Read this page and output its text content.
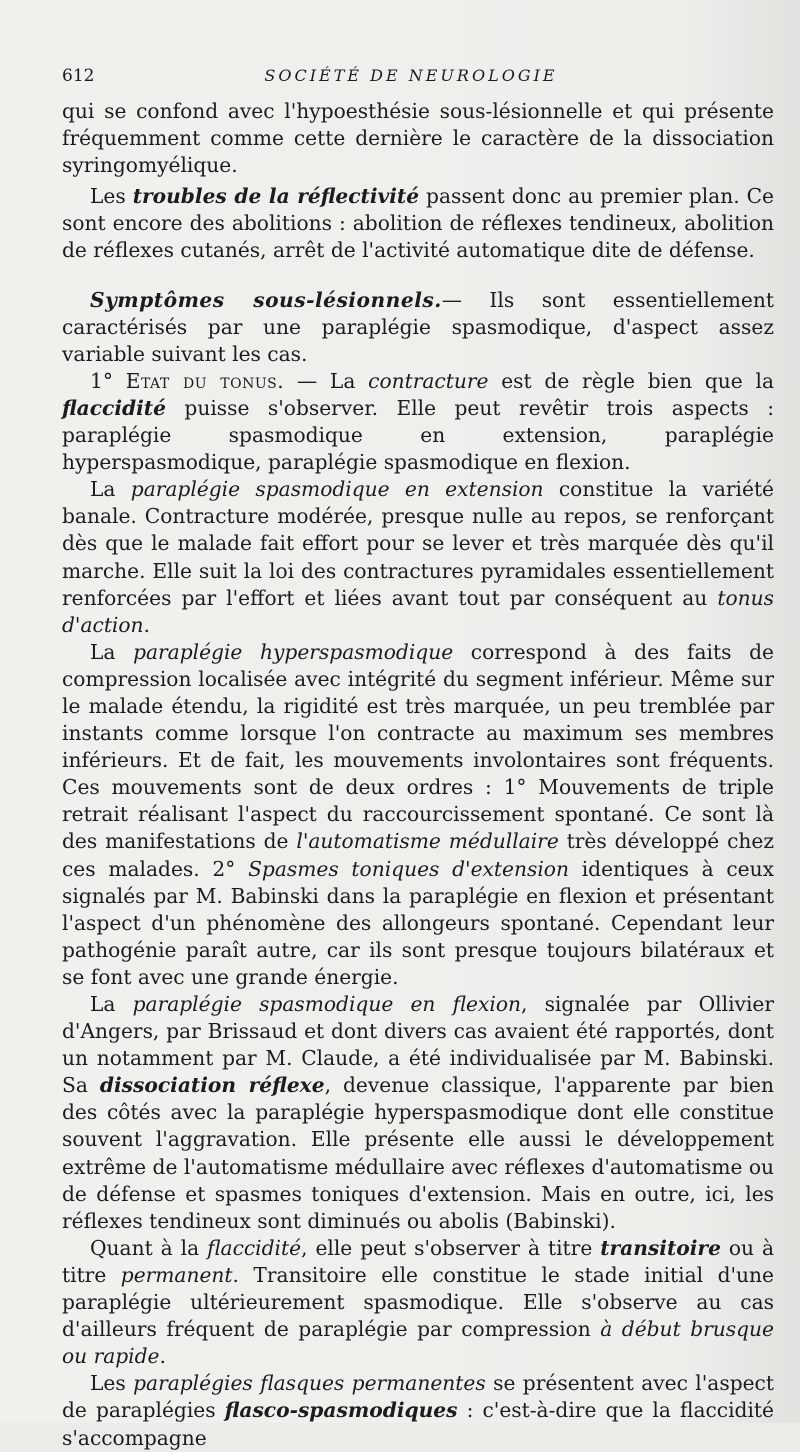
612	SOCIÉTÉ DE NEUROLOGIE

qui se confond avec l'hypoesthésie sous-lésionnelle et qui présente fréquemment comme cette dernière le caractère de la dissociation syringomyélique.

Les troubles de la réflectivité passent donc au premier plan. Ce sont encore des abolitions : abolition de réflexes tendineux, abolition de réflexes cutanés, arrêt de l'activité automatique dite de défense.

Symptômes sous-lésionnels.— Ils sont essentiellement caractérisés par une paraplégie spasmodique, d'aspect assez variable suivant les cas.

1° Etat du tonus. — La contracture est de règle bien que la flaccidité puisse s'observer. Elle peut revêtir trois aspects : paraplégie spasmodique en extension, paraplégie hyperspasmodique, paraplégie spasmodique en flexion.

La paraplégie spasmodique en extension constitue la variété banale. Contracture modérée, presque nulle au repos, se renforçant dès que le malade fait effort pour se lever et très marquée dès qu'il marche. Elle suit la loi des contractures pyramidales essentiellement renforcées par l'effort et liées avant tout par conséquent au tonus d'action.

La paraplégie hyperspasmodique correspond à des faits de compression localisée avec intégrité du segment inférieur. Même sur le malade étendu, la rigidité est très marquée, un peu tremblée par instants comme lorsque l'on contracte au maximum ses membres inférieurs. Et de fait, les mouvements involontaires sont fréquents. Ces mouvements sont de deux ordres : 1° Mouvements de triple retrait réalisant l'aspect du raccourcissement spontané. Ce sont là des manifestations de l'automatisme médullaire très développé chez ces malades. 2° Spasmes toniques d'extension identiques à ceux signalés par M. Babinski dans la paraplégie en flexion et présentant l'aspect d'un phénomène des allongeurs spontané. Cependant leur pathogénie paraît autre, car ils sont presque toujours bilatéraux et se font avec une grande énergie.

La paraplégie spasmodique en flexion, signalée par Ollivier d'Angers, par Brissaud et dont divers cas avaient été rapportés, dont un notamment par M. Claude, a été individualisée par M. Babinski. Sa dissociation réflexe, devenue classique, l'apparente par bien des côtés avec la paraplégie hyperspasmodique dont elle constitue souvent l'aggravation. Elle présente elle aussi le développement extrême de l'automatisme médullaire avec réflexes d'automatisme ou de défense et spasmes toniques d'extension. Mais en outre, ici, les réflexes tendineux sont diminués ou abolis (Babinski).

Quant à la flaccidité, elle peut s'observer à titre transitoire ou à titre permanent. Transitoire elle constitue le stade initial d'une paraplégie ultérieurement spasmodique. Elle s'observe au cas d'ailleurs fréquent de paraplégie par compression à début brusque ou rapide.

Les paraplégies flasques permanentes se présentent avec l'aspect de paraplégies flasco-spasmodiques : c'est-à-dire que la flaccidité s'accompagne
